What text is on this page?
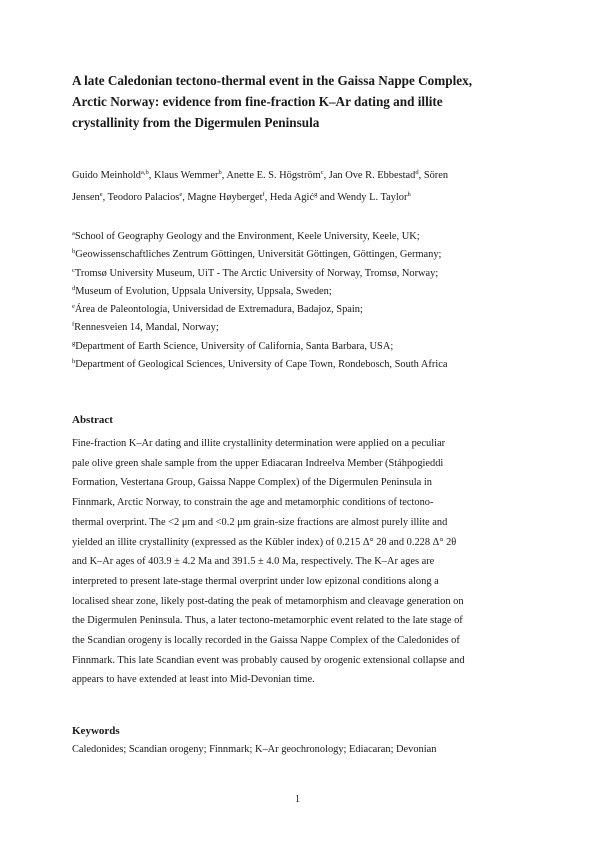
A late Caledonian tectono-thermal event in the Gaissa Nappe Complex,
Arctic Norway: evidence from fine-fraction K–Ar dating and illite
crystallinity from the Digermulen Peninsula
Guido Meinhold$^{a,b}$, Klaus Wemmer$^b$, Anette E. S. Högström$^c$, Jan Ove R. Ebbestad$^d$, Sören
Jensen$^e$, Teodoro Palacios$^e$, Magne Høyberget$^f$, Heda Agić$^g$ and Wendy L. Taylor$^h$
$^a$School of Geography Geology and the Environment, Keele University, Keele, UK;
$^b$Geowissenschaftliches Zentrum Göttingen, Universität Göttingen, Göttingen, Germany;
$^c$Tromsø University Museum, UiT - The Arctic University of Norway, Tromsø, Norway;
$^d$Museum of Evolution, Uppsala University, Uppsala, Sweden;
$^e$Área de Paleontología, Universidad de Extremadura, Badajoz, Spain;
$^f$Rennesveien 14, Mandal, Norway;
$^g$Department of Earth Science, University of California, Santa Barbara, USA;
$^h$Department of Geological Sciences, University of Cape Town, Rondebosch, South Africa
Abstract
Fine-fraction K–Ar dating and illite crystallinity determination were applied on a peculiar
pale olive green shale sample from the upper Ediacaran Indreelva Member (Stáhpogieddi
Formation, Vestertana Group, Gaissa Nappe Complex) of the Digermulen Peninsula in
Finnmark, Arctic Norway, to constrain the age and metamorphic conditions of tectono-
thermal overprint. The <2 μm and <0.2 μm grain-size fractions are almost purely illite and
yielded an illite crystallinity (expressed as the Kübler index) of 0.215 Δ° 2θ and 0.228 Δ° 2θ
and K–Ar ages of 403.9 ± 4.2 Ma and 391.5 ± 4.0 Ma, respectively. The K–Ar ages are
interpreted to present late-stage thermal overprint under low epizonal conditions along a
localised shear zone, likely post-dating the peak of metamorphism and cleavage generation on
the Digermulen Peninsula. Thus, a later tectono-metamorphic event related to the late stage of
the Scandian orogeny is locally recorded in the Gaissa Nappe Complex of the Caledonides of
Finnmark. This late Scandian event was probably caused by orogenic extensional collapse and
appears to have extended at least into Mid-Devonian time.
Keywords
Caledonides; Scandian orogeny; Finnmark; K–Ar geochronology; Ediacaran; Devonian
1
